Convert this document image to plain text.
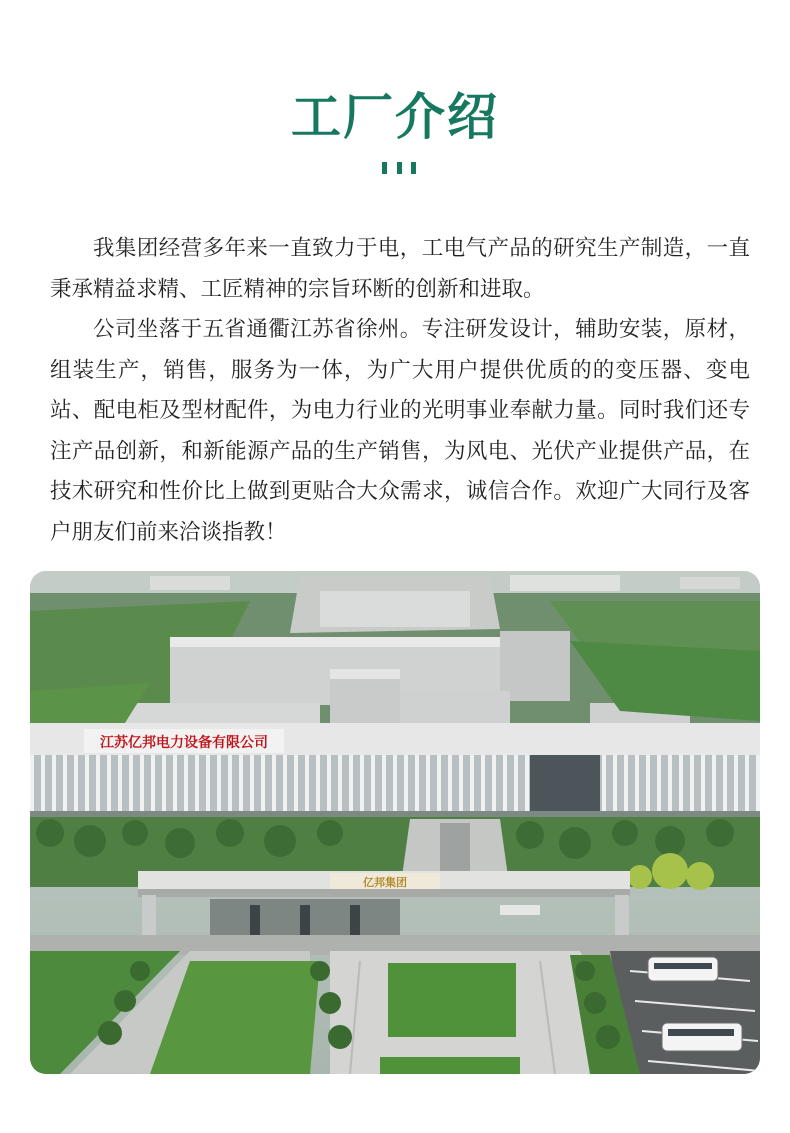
工厂介绍

我集团经营多年来一直致力于电，工电气产品的研究生产制造，一直秉承精益求精、工匠精神的宗旨环断的创新和进取。

公司坐落于五省通衢江苏省徐州。专注研发设计，辅助安装，原材，组装生产，销售，服务为一体，为广大用户提供优质的的变压器、变电站、配电柜及型材配件，为电力行业的光明事业奉献力量。同时我们还专注产品创新，和新能源产品的生产销售，为风电、光伏产业提供产品，在技术研究和性价比上做到更贴合大众需求，诚信合作。欢迎广大同行及客户朋友们前来洽谈指教！

江苏亿邦电力设备有限公司
亿邦集团
